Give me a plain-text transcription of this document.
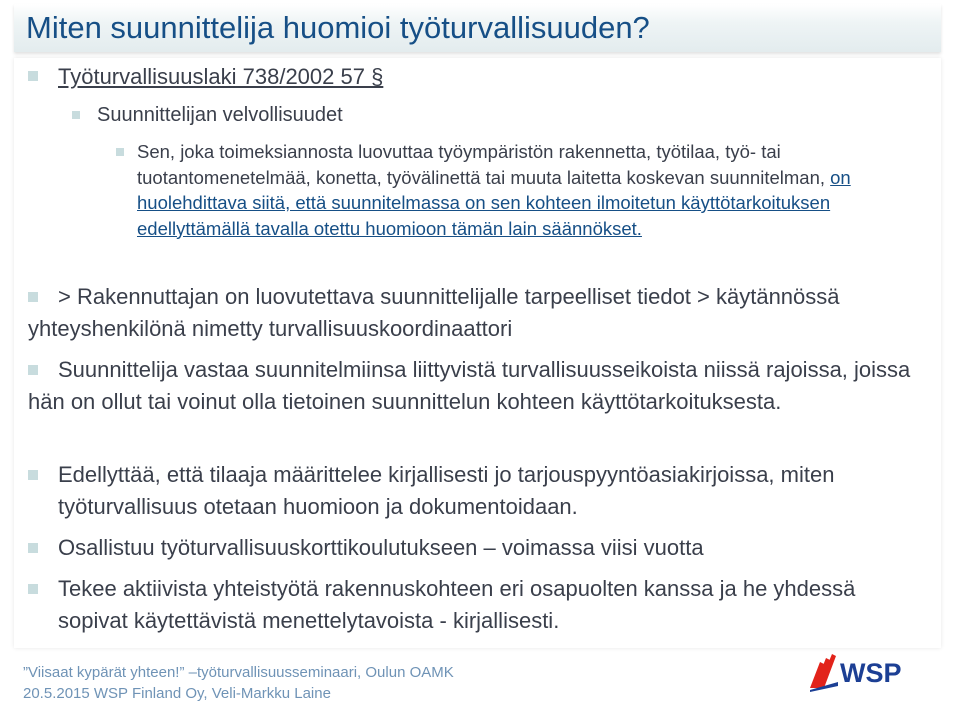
Miten suunnittelija huomioi työturvallisuuden?

Työturvallisuuslaki 738/2002 57 §

Suunnittelijan velvollisuudet

Sen, joka toimeksiannosta luovuttaa työympäristön rakennetta, työtilaa, työ- tai tuotantomenetelmää, konetta, työvälinettä tai muuta laitetta koskevan suunnitelman, on huolehdittava siitä, että suunnitelmassa on sen kohteen ilmoitetun käyttötarkoituksen edellyttämällä tavalla otettu huomioon tämän lain säännökset.

> Rakennuttajan on luovutettava suunnittelijalle tarpeelliset tiedot > käytännössä yhteyshenkilönä nimetty turvallisuuskoordinaattori

Suunnittelija vastaa suunnitelmiinsa liittyvistä turvallisuusseikoista niissä rajoissa, joissa hän on ollut tai voinut olla tietoinen suunnittelun kohteen käyttötarkoituksesta.

Edellyttää, että tilaaja määrittelee kirjallisesti jo tarjouspyyntöasiakirjoissa, miten työturvallisuus otetaan huomioon ja dokumentoidaan.

Osallistuu työturvallisuuskorttikoulutukseen – voimassa viisi vuotta

Tekee aktiivista yhteistyötä rakennuskohteen eri osapuolten kanssa ja he yhdessä sopivat käytettävistä menettelytavoista - kirjallisesti.

”Viisaat kypärät yhteen!” –työturvallisuusseminaari, Oulun OAMK
20.5.2015 WSP Finland Oy, Veli-Markku Laine
WSP
